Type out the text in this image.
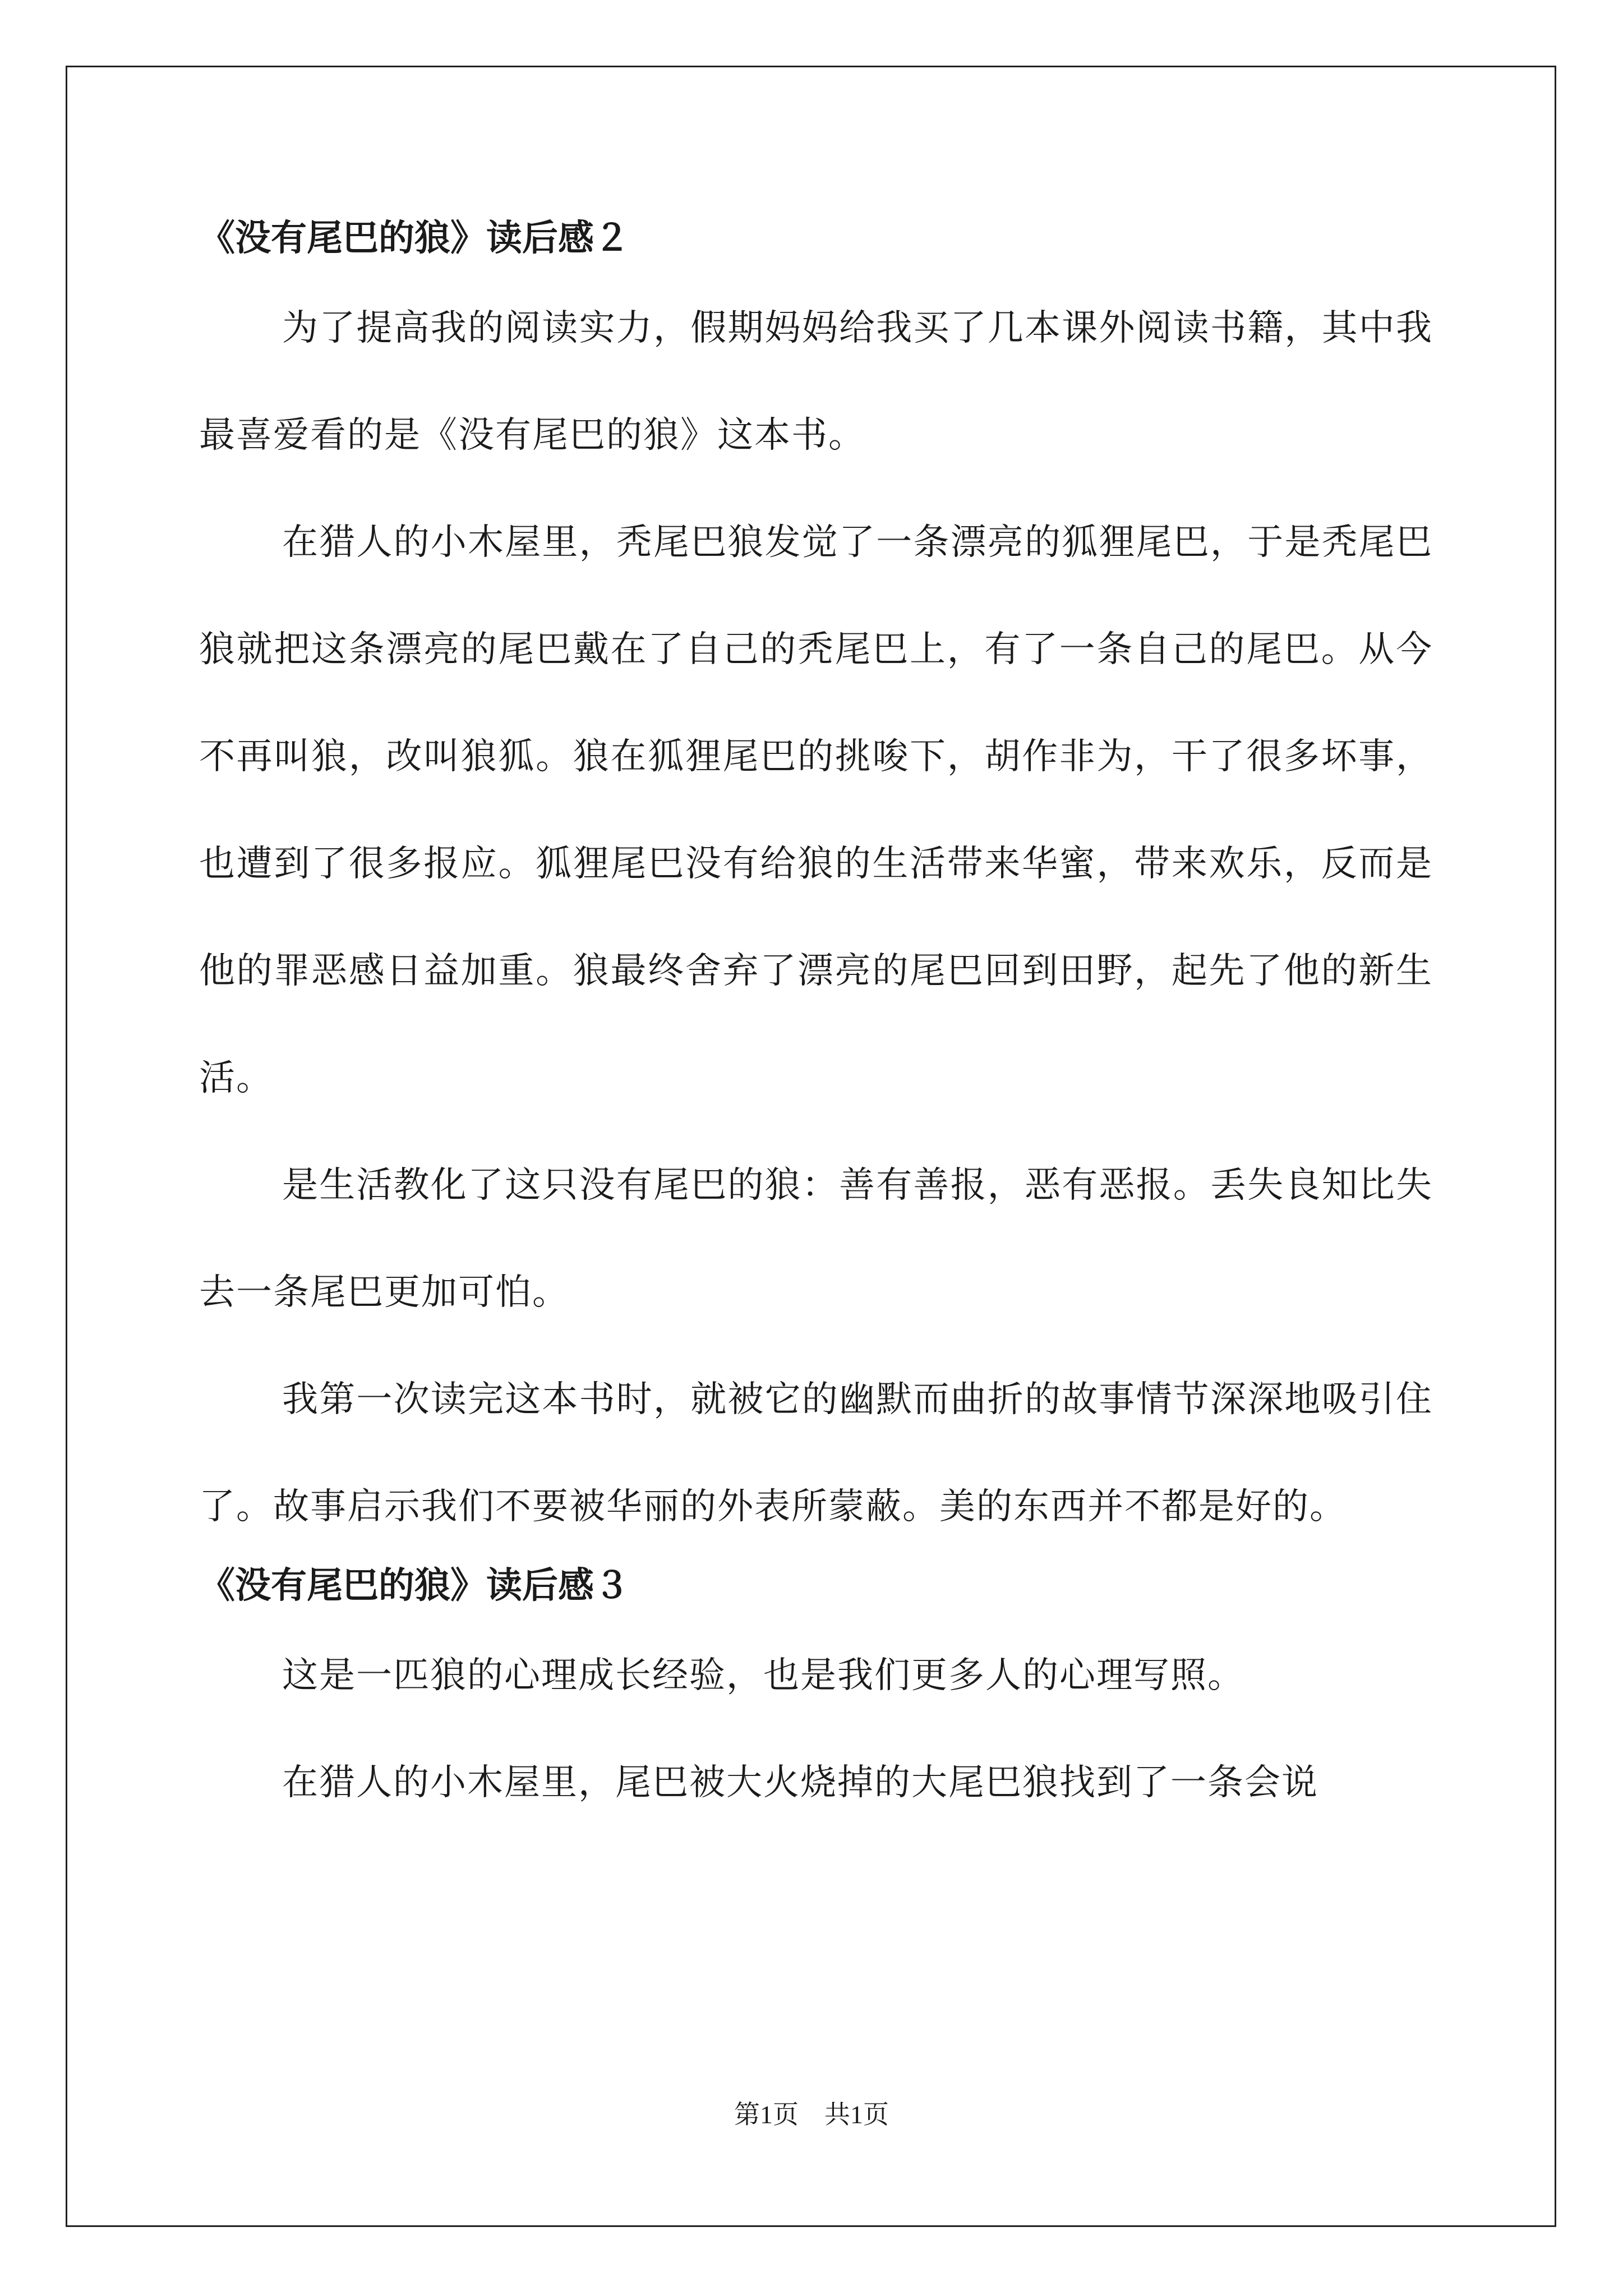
《没有尾巴的狼》读后感２

为了提高我的阅读实力，假期妈妈给我买了几本课外阅读书籍，其中我最喜爱看的是《没有尾巴的狼》这本书。

在猎人的小木屋里，秃尾巴狼发觉了一条漂亮的狐狸尾巴，于是秃尾巴狼就把这条漂亮的尾巴戴在了自己的秃尾巴上，有了一条自己的尾巴。从今不再叫狼，改叫狼狐。狼在狐狸尾巴的挑唆下，胡作非为，干了很多坏事，也遭到了很多报应。狐狸尾巴没有给狼的生活带来华蜜，带来欢乐，反而是他的罪恶感日益加重。狼最终舍弃了漂亮的尾巴回到田野，起先了他的新生活。

是生活教化了这只没有尾巴的狼：善有善报，恶有恶报。丢失良知比失去一条尾巴更加可怕。

我第一次读完这本书时，就被它的幽默而曲折的故事情节深深地吸引住了。故事启示我们不要被华丽的外表所蒙蔽。美的东西并不都是好的。

《没有尾巴的狼》读后感３

这是一匹狼的心理成长经验，也是我们更多人的心理写照。

在猎人的小木屋里，尾巴被大火烧掉的大尾巴狼找到了一条会说

第1页　共1页
